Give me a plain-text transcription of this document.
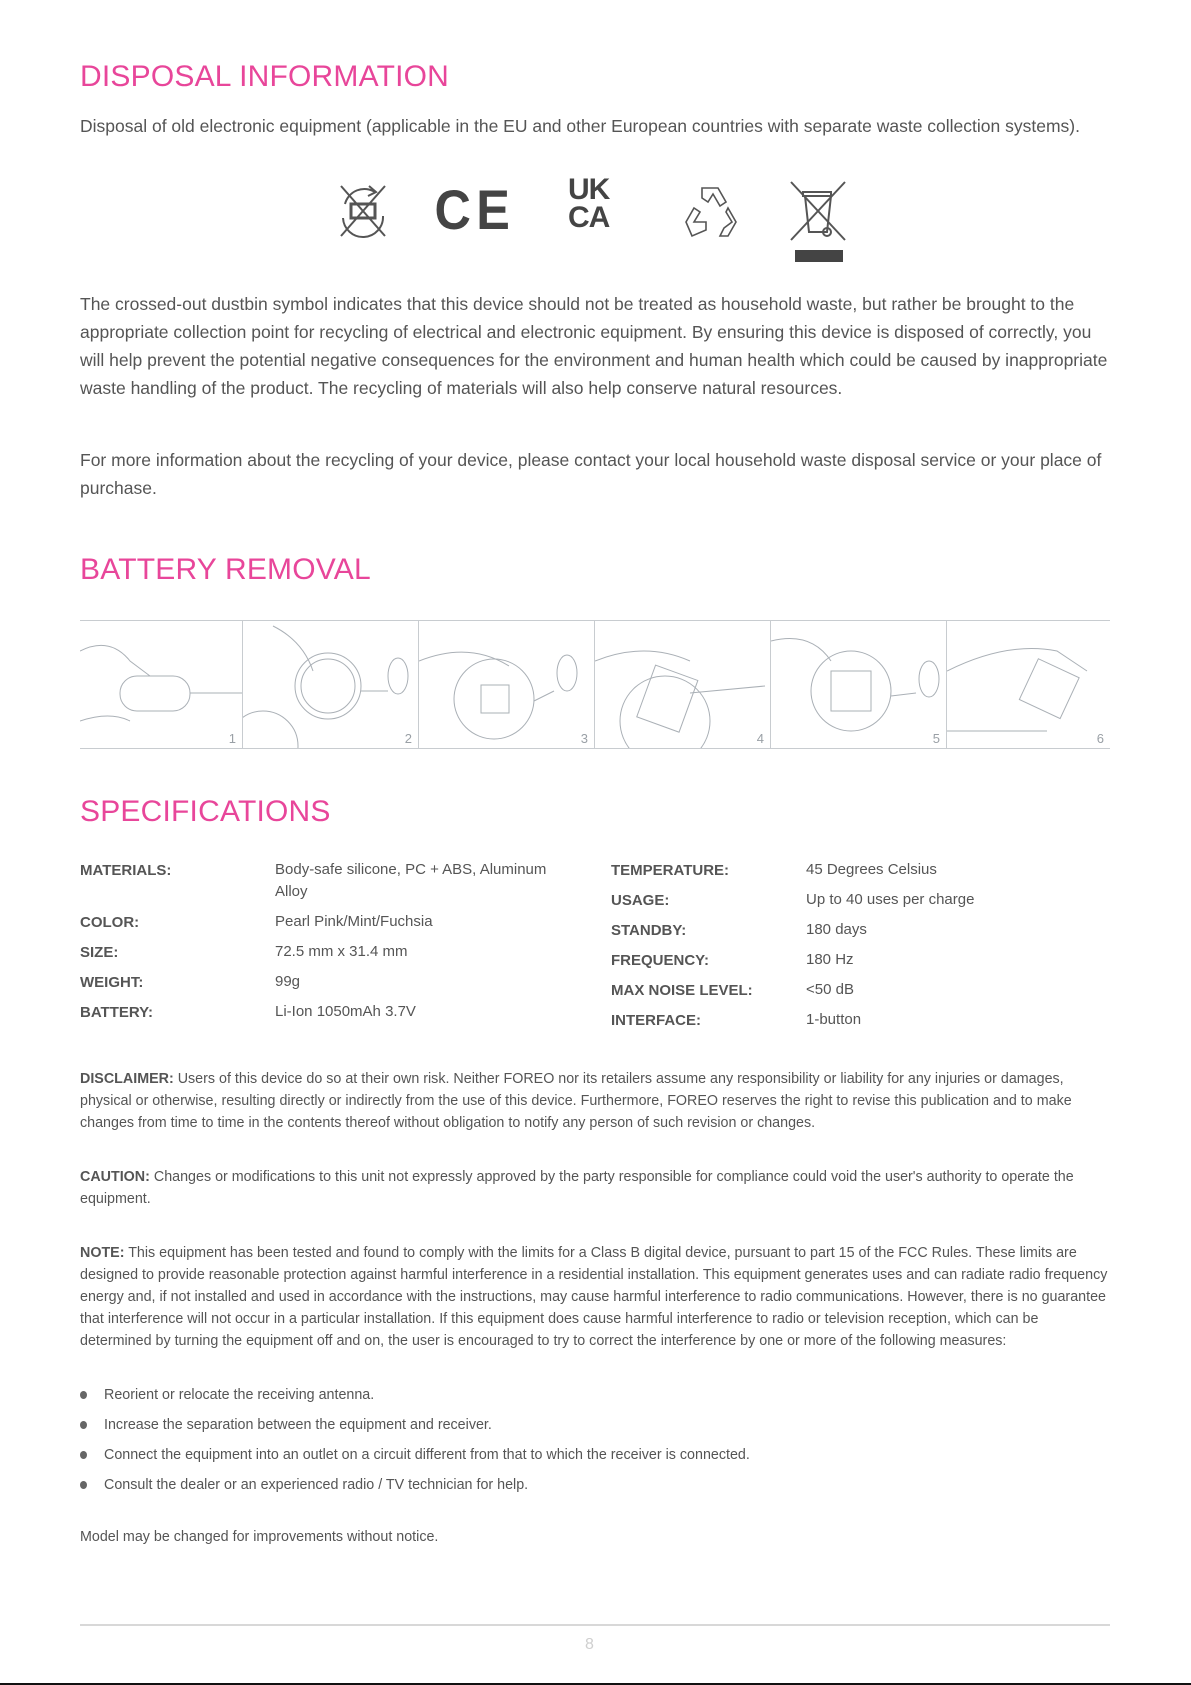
DISPOSAL INFORMATION

Disposal of old electronic equipment (applicable in the EU and other European countries with separate waste collection systems).

CE UK
CA

The crossed-out dustbin symbol indicates that this device should not be treated as household waste, but rather be brought to the appropriate collection point for recycling of electrical and electronic equipment. By ensuring this device is disposed of correctly, you will help prevent the potential negative consequences for the environment and human health which could be caused by inappropriate waste handling of the product. The recycling of materials will also help conserve natural resources.

For more information about the recycling of your device, please contact your local household waste disposal service or your place of purchase.

BATTERY REMOVAL
1	2	3	4	5	6
SPECIFICATIONS
MATERIALS:	Body-safe silicone, PC + ABS, Aluminum Alloy
COLOR:	Pearl Pink/Mint/Fuchsia
SIZE:	72.5 mm x 31.4 mm
WEIGHT:	99g
BATTERY:	Li-Ion 1050mAh 3.7V
TEMPERATURE:	45 Degrees Celsius
USAGE:	Up to 40 uses per charge
STANDBY:	180 days
FREQUENCY:	180 Hz
MAX NOISE LEVEL:	<50 dB
INTERFACE:	1-button

DISCLAIMER: Users of this device do so at their own risk. Neither FOREO nor its retailers assume any responsibility or liability for any injuries or damages, physical or otherwise, resulting directly or indirectly from the use of this device. Furthermore, FOREO reserves the right to revise this publication and to make changes from time to time in the contents thereof without obligation to notify any person of such revision or changes.

CAUTION: Changes or modifications to this unit not expressly approved by the party responsible for compliance could void the user's authority to operate the equipment.

NOTE: This equipment has been tested and found to comply with the limits for a Class B digital device, pursuant to part 15 of the FCC Rules. These limits are designed to provide reasonable protection against harmful interference in a residential installation. This equipment generates uses and can radiate radio frequency energy and, if not installed and used in accordance with the instructions, may cause harmful interference to radio communications. However, there is no guarantee that interference will not occur in a particular installation. If this equipment does cause harmful interference to radio or television reception, which can be determined by turning the equipment off and on, the user is encouraged to try to correct the interference by one or more of the following measures:

Reorient or relocate the receiving antenna.
Increase the separation between the equipment and receiver.
Connect the equipment into an outlet on a circuit different from that to which the receiver is connected.
Consult the dealer or an experienced radio / TV technician for help.

Model may be changed for improvements without notice.

8
